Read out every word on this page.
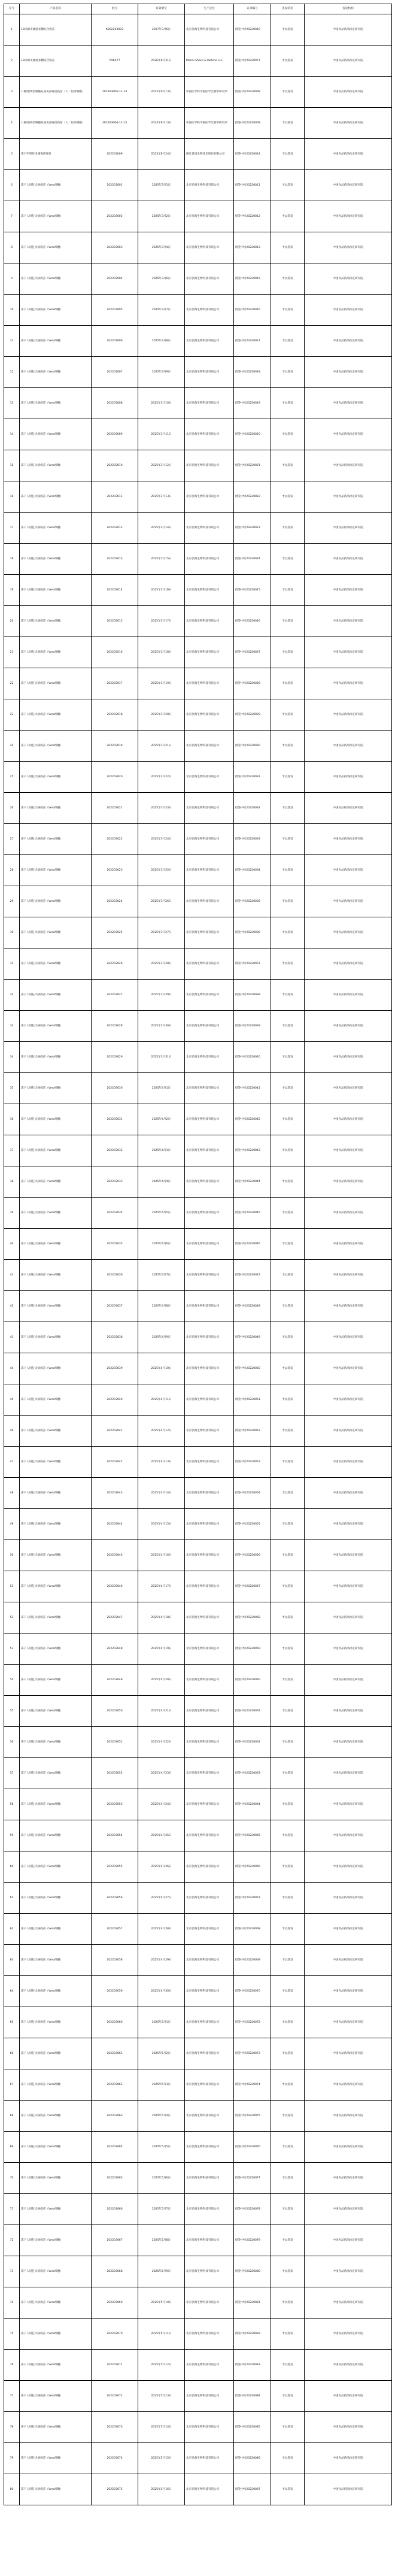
序号	产品名称	批号	有效期至	生产企业	证书编号	签发结论	签发机构
1	13价肺炎球菌多糖结合疫苗	K202203022	2027年3月6日	北京民海生物科技有限公司	批签中检20220010	予以签发	中国食品药品检定研究院
2	13价肺炎球菌多糖结合疫苗	YD6477	2026年8月31日	Merck Sharp & Dohme LLC	批签中检20220071	予以签发	中国食品药品检定研究院
3	口服I型III型脊髓灰质炎减毒活疫苗（人二倍体细胞）	202203006-11-14	2023年9月13日	中国医学科学院医学生物学研究所	批签中检20220008	予以签发	中国食品药品检定研究院
4	口服I型III型脊髓灰质炎减毒活疫苗（人二倍体细胞）	202203006-11-15	2023年9月13日	中国医学科学院医学生物学研究所	批签中检20220009	予以签发	中国食品药品检定研究院
5	冻干甲型肝炎减毒活疫苗	202203009	2023年8月24日	浙江普康生物技术股份有限公司	批签中检20220014	予以签发	中国食品药品检定研究院
6	冻干人用狂犬病疫苗（Vero细胞）	202203001	2025年3月1日	北京民海生物科技有限公司	批签中检20220011	予以签发	中国食品药品检定研究院
7	冻干人用狂犬病疫苗（Vero细胞）	202203002	2025年3月2日	北京民海生物科技有限公司	批签中检20220012	予以签发	中国食品药品检定研究院
8	冻干人用狂犬病疫苗（Vero细胞）	202203003	2025年3月4日	北京民海生物科技有限公司	批签中检20220013	予以签发	中国食品药品检定研究院
9	冻干人用狂犬病疫苗（Vero细胞）	202203004	2025年3月6日	北京民海生物科技有限公司	批签中检20220015	予以签发	中国食品药品检定研究院
10	冻干人用狂犬病疫苗（Vero细胞）	202203005	2025年3月7日	北京民海生物科技有限公司	批签中检20220016	予以签发	中国食品药品检定研究院
11	冻干人用狂犬病疫苗（Vero细胞）	202203006	2025年3月8日	北京民海生物科技有限公司	批签中检20220017	予以签发	中国食品药品检定研究院
12	冻干人用狂犬病疫苗（Vero细胞）	202203007	2025年3月9日	北京民海生物科技有限公司	批签中检20220018	予以签发	中国食品药品检定研究院
13	冻干人用狂犬病疫苗（Vero细胞）	202203008	2025年3月10日	北京民海生物科技有限公司	批签中检20220019	予以签发	中国食品药品检定研究院
14	冻干人用狂犬病疫苗（Vero细胞）	202203009	2025年3月11日	北京民海生物科技有限公司	批签中检20220020	予以签发	中国食品药品检定研究院
15	冻干人用狂犬病疫苗（Vero细胞）	202203010	2025年3月12日	北京民海生物科技有限公司	批签中检20220021	予以签发	中国食品药品检定研究院
16	冻干人用狂犬病疫苗（Vero细胞）	202203011	2025年3月13日	北京民海生物科技有限公司	批签中检20220022	予以签发	中国食品药品检定研究院
17	冻干人用狂犬病疫苗（Vero细胞）	202203012	2025年3月14日	北京民海生物科技有限公司	批签中检20220023	予以签发	中国食品药品检定研究院
18	冻干人用狂犬病疫苗（Vero细胞）	202203013	2025年3月15日	北京民海生物科技有限公司	批签中检20220024	予以签发	中国食品药品检定研究院
19	冻干人用狂犬病疫苗（Vero细胞）	202203014	2025年3月16日	北京民海生物科技有限公司	批签中检20220025	予以签发	中国食品药品检定研究院
20	冻干人用狂犬病疫苗（Vero细胞）	202203015	2025年3月17日	北京民海生物科技有限公司	批签中检20220026	予以签发	中国食品药品检定研究院
21	冻干人用狂犬病疫苗（Vero细胞）	202203016	2025年3月18日	北京民海生物科技有限公司	批签中检20220027	予以签发	中国食品药品检定研究院
22	冻干人用狂犬病疫苗（Vero细胞）	202203017	2025年3月19日	北京民海生物科技有限公司	批签中检20220028	予以签发	中国食品药品检定研究院
23	冻干人用狂犬病疫苗（Vero细胞）	202203018	2025年3月20日	北京民海生物科技有限公司	批签中检20220029	予以签发	中国食品药品检定研究院
24	冻干人用狂犬病疫苗（Vero细胞）	202203019	2025年3月21日	北京民海生物科技有限公司	批签中检20220030	予以签发	中国食品药品检定研究院
25	冻干人用狂犬病疫苗（Vero细胞）	202203020	2025年3月22日	北京民海生物科技有限公司	批签中检20220031	予以签发	中国食品药品检定研究院
26	冻干人用狂犬病疫苗（Vero细胞）	202203021	2025年3月23日	北京民海生物科技有限公司	批签中检20220032	予以签发	中国食品药品检定研究院
27	冻干人用狂犬病疫苗（Vero细胞）	202203022	2025年3月24日	北京民海生物科技有限公司	批签中检20220033	予以签发	中国食品药品检定研究院
28	冻干人用狂犬病疫苗（Vero细胞）	202203023	2025年3月25日	北京民海生物科技有限公司	批签中检20220034	予以签发	中国食品药品检定研究院
29	冻干人用狂犬病疫苗（Vero细胞）	202203024	2025年3月26日	北京民海生物科技有限公司	批签中检20220035	予以签发	中国食品药品检定研究院
30	冻干人用狂犬病疫苗（Vero细胞）	202203025	2025年3月27日	北京民海生物科技有限公司	批签中检20220036	予以签发	中国食品药品检定研究院
31	冻干人用狂犬病疫苗（Vero细胞）	202203026	2025年3月28日	北京民海生物科技有限公司	批签中检20220037	予以签发	中国食品药品检定研究院
32	冻干人用狂犬病疫苗（Vero细胞）	202203027	2025年3月29日	北京民海生物科技有限公司	批签中检20220038	予以签发	中国食品药品检定研究院
33	冻干人用狂犬病疫苗（Vero细胞）	202203028	2025年3月30日	北京民海生物科技有限公司	批签中检20220039	予以签发	中国食品药品检定研究院
34	冻干人用狂犬病疫苗（Vero细胞）	202203029	2025年3月31日	北京民海生物科技有限公司	批签中检20220040	予以签发	中国食品药品检定研究院
35	冻干人用狂犬病疫苗（Vero细胞）	202203030	2025年4月1日	北京民海生物科技有限公司	批签中检20220041	予以签发	中国食品药品检定研究院
36	冻干人用狂犬病疫苗（Vero细胞）	202203031	2025年4月2日	北京民海生物科技有限公司	批签中检20220042	予以签发	中国食品药品检定研究院
37	冻干人用狂犬病疫苗（Vero细胞）	202203032	2025年4月3日	北京民海生物科技有限公司	批签中检20220043	予以签发	中国食品药品检定研究院
38	冻干人用狂犬病疫苗（Vero细胞）	202203033	2025年4月4日	北京民海生物科技有限公司	批签中检20220044	予以签发	中国食品药品检定研究院
39	冻干人用狂犬病疫苗（Vero细胞）	202203034	2025年4月5日	北京民海生物科技有限公司	批签中检20220045	予以签发	中国食品药品检定研究院
40	冻干人用狂犬病疫苗（Vero细胞）	202203035	2025年4月6日	北京民海生物科技有限公司	批签中检20220046	予以签发	中国食品药品检定研究院
41	冻干人用狂犬病疫苗（Vero细胞）	202203036	2025年4月7日	北京民海生物科技有限公司	批签中检20220047	予以签发	中国食品药品检定研究院
42	冻干人用狂犬病疫苗（Vero细胞）	202203037	2025年4月8日	北京民海生物科技有限公司	批签中检20220048	予以签发	中国食品药品检定研究院
43	冻干人用狂犬病疫苗（Vero细胞）	202203038	2025年4月9日	北京民海生物科技有限公司	批签中检20220049	予以签发	中国食品药品检定研究院
44	冻干人用狂犬病疫苗（Vero细胞）	202203039	2025年4月10日	北京民海生物科技有限公司	批签中检20220050	予以签发	中国食品药品检定研究院
45	冻干人用狂犬病疫苗（Vero细胞）	202203040	2025年4月11日	北京民海生物科技有限公司	批签中检20220051	予以签发	中国食品药品检定研究院
46	冻干人用狂犬病疫苗（Vero细胞）	202203041	2025年4月12日	北京民海生物科技有限公司	批签中检20220052	予以签发	中国食品药品检定研究院
47	冻干人用狂犬病疫苗（Vero细胞）	202203042	2025年4月13日	北京民海生物科技有限公司	批签中检20220053	予以签发	中国食品药品检定研究院
48	冻干人用狂犬病疫苗（Vero细胞）	202203043	2025年4月14日	北京民海生物科技有限公司	批签中检20220054	予以签发	中国食品药品检定研究院
49	冻干人用狂犬病疫苗（Vero细胞）	202203044	2025年4月15日	北京民海生物科技有限公司	批签中检20220055	予以签发	中国食品药品检定研究院
50	冻干人用狂犬病疫苗（Vero细胞）	202203045	2025年4月16日	北京民海生物科技有限公司	批签中检20220056	予以签发	中国食品药品检定研究院
51	冻干人用狂犬病疫苗（Vero细胞）	202203046	2025年4月17日	北京民海生物科技有限公司	批签中检20220057	予以签发	中国食品药品检定研究院
52	冻干人用狂犬病疫苗（Vero细胞）	202203047	2025年4月18日	北京民海生物科技有限公司	批签中检20220058	予以签发	中国食品药品检定研究院
53	冻干人用狂犬病疫苗（Vero细胞）	202203048	2025年4月19日	北京民海生物科技有限公司	批签中检20220059	予以签发	中国食品药品检定研究院
54	冻干人用狂犬病疫苗（Vero细胞）	202203049	2025年4月20日	北京民海生物科技有限公司	批签中检20220060	予以签发	中国食品药品检定研究院
55	冻干人用狂犬病疫苗（Vero细胞）	202203050	2025年4月21日	北京民海生物科技有限公司	批签中检20220061	予以签发	中国食品药品检定研究院
56	冻干人用狂犬病疫苗（Vero细胞）	202203051	2025年4月22日	北京民海生物科技有限公司	批签中检20220062	予以签发	中国食品药品检定研究院
57	冻干人用狂犬病疫苗（Vero细胞）	202203052	2025年4月23日	北京民海生物科技有限公司	批签中检20220063	予以签发	中国食品药品检定研究院
58	冻干人用狂犬病疫苗（Vero细胞）	202203053	2025年4月24日	北京民海生物科技有限公司	批签中检20220064	予以签发	中国食品药品检定研究院
59	冻干人用狂犬病疫苗（Vero细胞）	202203054	2025年4月25日	北京民海生物科技有限公司	批签中检20220065	予以签发	中国食品药品检定研究院
60	冻干人用狂犬病疫苗（Vero细胞）	202203055	2025年4月26日	北京民海生物科技有限公司	批签中检20220066	予以签发	中国食品药品检定研究院
61	冻干人用狂犬病疫苗（Vero细胞）	202203056	2025年4月27日	北京民海生物科技有限公司	批签中检20220067	予以签发	中国食品药品检定研究院
62	冻干人用狂犬病疫苗（Vero细胞）	202203057	2025年4月28日	北京民海生物科技有限公司	批签中检20220068	予以签发	中国食品药品检定研究院
63	冻干人用狂犬病疫苗（Vero细胞）	202203058	2025年4月29日	北京民海生物科技有限公司	批签中检20220069	予以签发	中国食品药品检定研究院
64	冻干人用狂犬病疫苗（Vero细胞）	202203059	2025年4月30日	北京民海生物科技有限公司	批签中检20220070	予以签发	中国食品药品检定研究院
65	冻干人用狂犬病疫苗（Vero细胞）	202203060	2025年5月1日	北京民海生物科技有限公司	批签中检20220072	予以签发	中国食品药品检定研究院
66	冻干人用狂犬病疫苗（Vero细胞）	202203061	2025年5月2日	北京民海生物科技有限公司	批签中检20220073	予以签发	中国食品药品检定研究院
67	冻干人用狂犬病疫苗（Vero细胞）	202203062	2025年5月3日	北京民海生物科技有限公司	批签中检20220074	予以签发	中国食品药品检定研究院
68	冻干人用狂犬病疫苗（Vero细胞）	202203063	2025年5月4日	北京民海生物科技有限公司	批签中检20220075	予以签发	中国食品药品检定研究院
69	冻干人用狂犬病疫苗（Vero细胞）	202203064	2025年5月5日	北京民海生物科技有限公司	批签中检20220076	予以签发	中国食品药品检定研究院
70	冻干人用狂犬病疫苗（Vero细胞）	202203065	2025年5月6日	北京民海生物科技有限公司	批签中检20220077	予以签发	中国食品药品检定研究院
71	冻干人用狂犬病疫苗（Vero细胞）	202203066	2025年5月7日	北京民海生物科技有限公司	批签中检20220078	予以签发	中国食品药品检定研究院
72	冻干人用狂犬病疫苗（Vero细胞）	202203067	2025年5月8日	北京民海生物科技有限公司	批签中检20220079	予以签发	中国食品药品检定研究院
73	冻干人用狂犬病疫苗（Vero细胞）	202203068	2025年5月9日	北京民海生物科技有限公司	批签中检20220080	予以签发	中国食品药品检定研究院
74	冻干人用狂犬病疫苗（Vero细胞）	202203069	2025年5月10日	北京民海生物科技有限公司	批签中检20220081	予以签发	中国食品药品检定研究院
75	冻干人用狂犬病疫苗（Vero细胞）	202203070	2025年5月11日	北京民海生物科技有限公司	批签中检20220082	予以签发	中国食品药品检定研究院
76	冻干人用狂犬病疫苗（Vero细胞）	202203071	2025年5月12日	北京民海生物科技有限公司	批签中检20220083	予以签发	中国食品药品检定研究院
77	冻干人用狂犬病疫苗（Vero细胞）	202203072	2025年5月13日	北京民海生物科技有限公司	批签中检20220084	予以签发	中国食品药品检定研究院
78	冻干人用狂犬病疫苗（Vero细胞）	202203073	2025年5月14日	北京民海生物科技有限公司	批签中检20220085	予以签发	中国食品药品检定研究院
79	冻干人用狂犬病疫苗（Vero细胞）	202203074	2025年5月15日	北京民海生物科技有限公司	批签中检20220086	予以签发	中国食品药品检定研究院
80	冻干人用狂犬病疫苗（Vero细胞）	202203075	2025年5月16日	北京民海生物科技有限公司	批签中检20220087	予以签发	中国食品药品检定研究院
